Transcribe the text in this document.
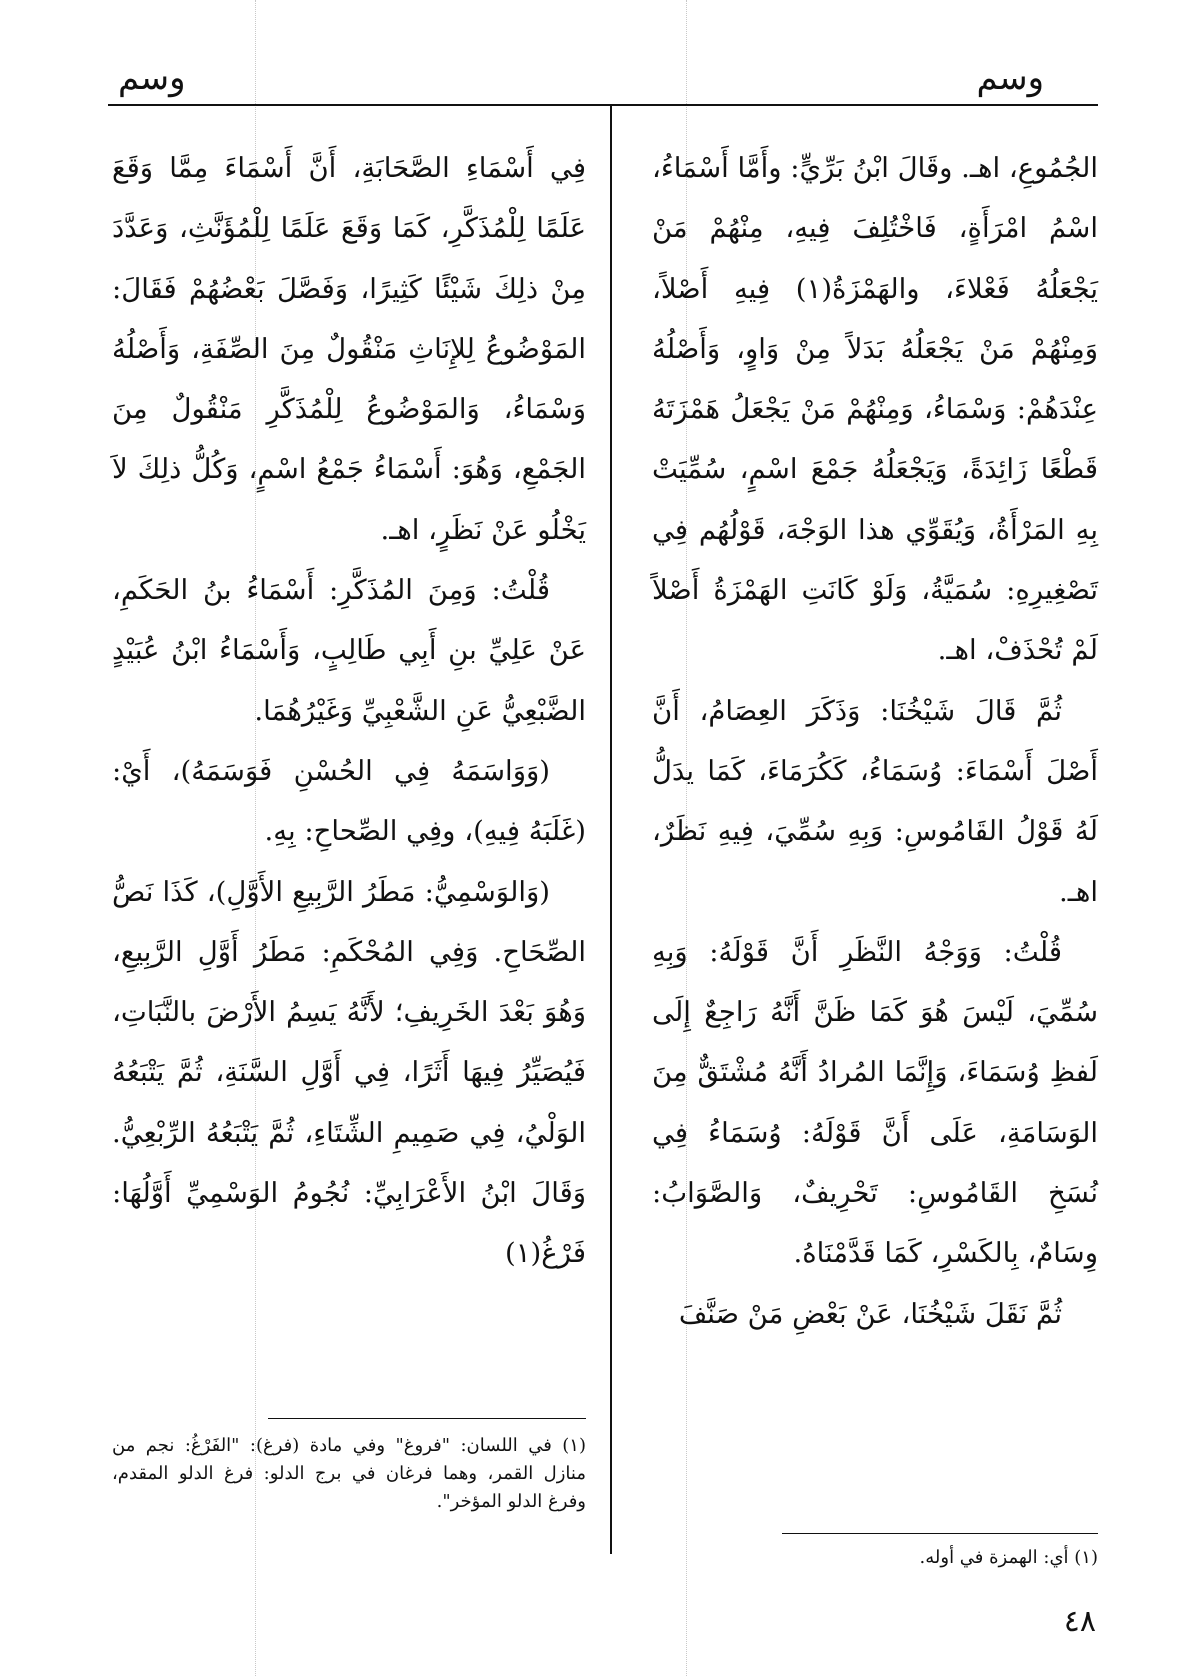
وسم
وسم

الجُمُوعِ، اهـ. وقَالَ ابْنُ بَرِّيٍّ: وأَمَّا أَسْمَاءُ، اسْمُ امْرَأَةٍ، فَاخْتُلِفَ فِيهِ، مِنْهُمْ مَنْ يَجْعَلُهُ فَعْلاءَ، والهَمْزَةُ(١) فِيهِ أَصْلاً، وَمِنْهُمْ مَنْ يَجْعَلُهُ بَدَلاً مِنْ وَاوٍ، وَأَصْلُهُ عِنْدَهُمْ: وَسْمَاءُ، وَمِنْهُمْ مَنْ يَجْعَلُ هَمْزَتَهُ قَطْعًا زَائِدَةً، وَيَجْعَلُهُ جَمْعَ اسْمٍ، سُمِّيَتْ بِهِ المَرْأَةُ، وَيُقَوِّي هذا الوَجْهَ، قَوْلُهُم فِي تَصْغِيرِهِ: سُمَيَّةُ، وَلَوْ كَانَتِ الهَمْزَةُ أَصْلاً لَمْ تُحْذَفْ، اهـ.

ثُمَّ قَالَ شَيْخُنَا: وَذَكَرَ العِصَامُ، أَنَّ أَصْلَ أَسْمَاءَ: وُسَمَاءُ، كَكُرَمَاءَ، كَمَا يدَلُّ لَهُ قَوْلُ القَامُوسِ: وَبِهِ سُمِّيَ، فِيهِ نَظَرٌ، اهـ.

قُلْتُ: وَوَجْهُ النَّظَرِ أَنَّ قَوْلَهُ: وَبِهِ سُمِّيَ، لَيْسَ هُوَ كَمَا ظَنَّ أَنَّهُ رَاجِعٌ إِلَى لَفظِ وُسَمَاءَ، وَإِنَّمَا المُرادُ أَنَّهُ مُشْتَقٌّ مِنَ الوَسَامَةِ، عَلَى أَنَّ قَوْلَهُ: وُسَمَاءُ فِي نُسَخِ القَامُوسِ: تَحْرِيفٌ، وَالصَّوَابُ: وِسَامٌ، بِالكَسْرِ، كَمَا قَدَّمْنَاهُ.

ثُمَّ نَقَلَ شَيْخُنَا، عَنْ بَعْضِ مَنْ صَنَّفَ

فِي أَسْمَاءِ الصَّحَابَةِ، أَنَّ أَسْمَاءَ مِمَّا وَقَعَ عَلَمًا لِلْمُذَكَّرِ، كَمَا وَقَعَ عَلَمًا لِلْمُؤَنَّثِ، وَعَدَّدَ مِنْ ذلِكَ شَيْئًا كَثِيرًا، وَفَصَّلَ بَعْضُهُمْ فَقَالَ: المَوْضُوعُ لِلإِنَاثِ مَنْقُولٌ مِنَ الصِّفَةِ، وَأَصْلُهُ وَسْمَاءُ، وَالمَوْضُوعُ لِلْمُذَكَّرِ مَنْقُولٌ مِنَ الجَمْعِ، وَهُوَ: أَسْمَاءُ جَمْعُ اسْمٍ، وَكُلُّ ذلِكَ لاَ يَخْلُو عَنْ نَظَرٍ، اهـ.

قُلْتُ: وَمِنَ المُذَكَّرِ: أَسْمَاءُ بنُ الحَكَمِ، عَنْ عَلِيِّ بنِ أَبِي طَالِبٍ، وَأَسْمَاءُ ابْنُ عُبَيْدٍ الضَّبْعِيُّ عَنِ الشَّعْبِيِّ وَغَيْرُهُمَا.

(وَوَاسَمَهُ فِي الحُسْنِ فَوَسَمَهُ)، أَيْ: (غَلَبَهُ فِيهِ)، وفِي الصِّحاحِ: بِهِ.

(وَالوَسْمِيُّ: مَطَرُ الرَّبِيعِ الأَوَّلِ)، كَذَا نَصُّ الصِّحَاحِ. وَفِي المُحْكَمِ: مَطَرُ أَوَّلِ الرَّبِيعِ، وَهُوَ بَعْدَ الخَرِيفِ؛ لأَنَّهُ يَسِمُ الأَرْضَ بالنَّبَاتِ، فَيُصَيِّرُ فِيهَا أَثَرًا، فِي أَوَّلِ السَّنَةِ، ثُمَّ يَتْبَعُهُ الوَلْيُ، فِي صَمِيمِ الشِّتَاءِ، ثُمَّ يَتْبَعُهُ الرِّبْعِيُّ. وَقَالَ ابْنُ الأَعْرَابِيِّ: نُجُومُ الوَسْمِيِّ أَوَّلُهَا: فَرْغُ(١)

(١) في اللسان: "فروغ" وفي مادة (فرغ): "الفَرْغُ: نجم من منازل القمر، وهما فرغان في برج الدلو: فرغ الدلو المقدم، وفرغ الدلو المؤخر".
(١) أي: الهمزة في أوله.
٤٨
